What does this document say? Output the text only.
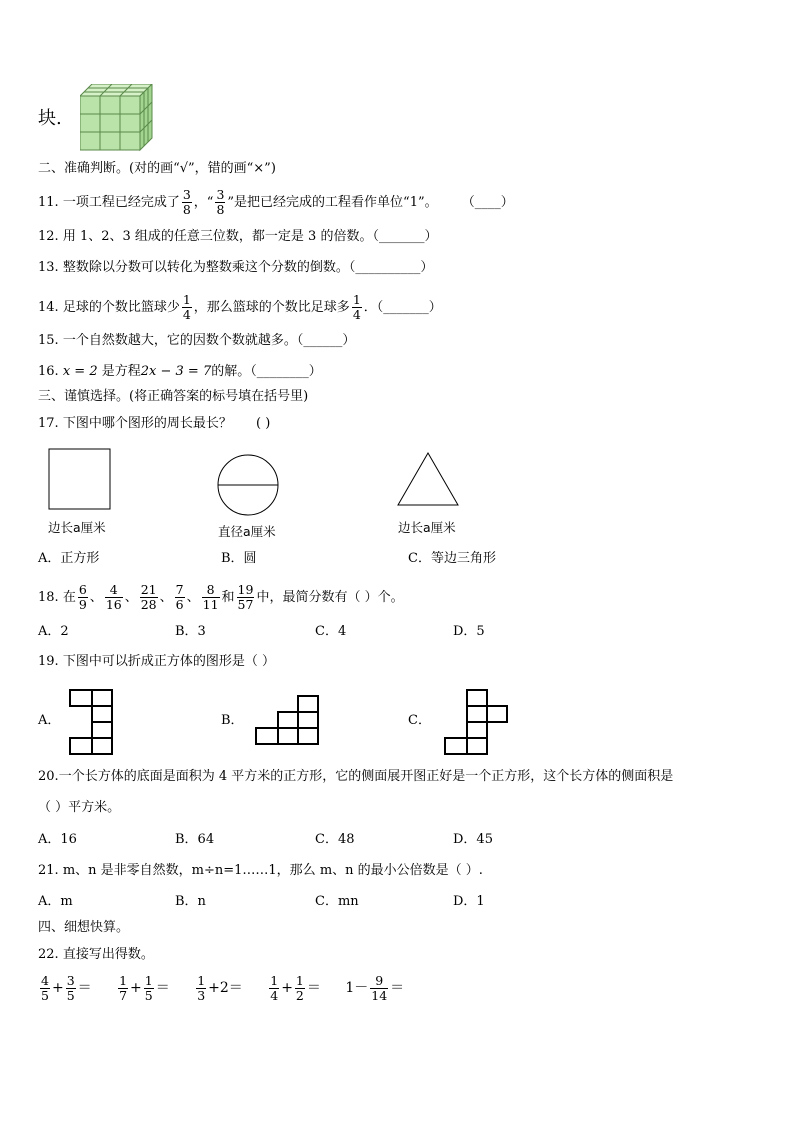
块.
二、准确判断。(对的画“√”，错的画“×”)
11. 一项工程已经完成了 $\frac{3}{8}$ ，“ $\frac{3}{8}$ ”是把已经完成的工程看作单位“1”。 （____）
12. 用 1、2、3 组成的任意三位数，都一定是 3 的倍数。（_______）
13. 整数除以分数可以转化为整数乘这个分数的倒数。（__________）
14. 足球的个数比篮球少 $\frac{1}{4}$ ，那么篮球的个数比足球多 $\frac{1}{4}$ ．（_______）
15. 一个自然数越大，它的因数个数就越多。（______）
16. x = 2 是方程2x − 3 = 7的解。（________）
三、谨慎选择。(将正确答案的标号填在括号里)
17. 下图中哪个图形的周长最长？ ( )
边长a厘米	直径a厘米	边长a厘米
A．正方形	B．圆	C．等边三角形
18. 在 $\frac{6}{9}$ 、 $\frac{4}{16}$ 、 $\frac{21}{28}$ 、 $\frac{7}{6}$ 、 $\frac{8}{11}$ 和 $\frac{19}{57}$ 中，最简分数有（ ）个。
A．2	B．3	C．4	D．5
19. 下图中可以折成正方体的图形是（ ）
A．	B．	C．
20.一个长方体的底面是面积为 4 平方米的正方形，它的侧面展开图正好是一个正方形，这个长方体的侧面积是
（ ）平方米。
A．16	B．64	C．48	D．45
21. m、n 是非零自然数，m÷n=1……1，那么 m、n 的最小公倍数是（ ）.
A．m	B．n	C．mn	D．1
四、细想快算。
22. 直接写出得数。
$\frac{4}{5} + \frac{3}{5} = \frac{1}{7} + \frac{1}{5} = \frac{1}{3} +2= \frac{1}{4} + \frac{1}{2} = 1- \frac{9}{14}$ ＝
